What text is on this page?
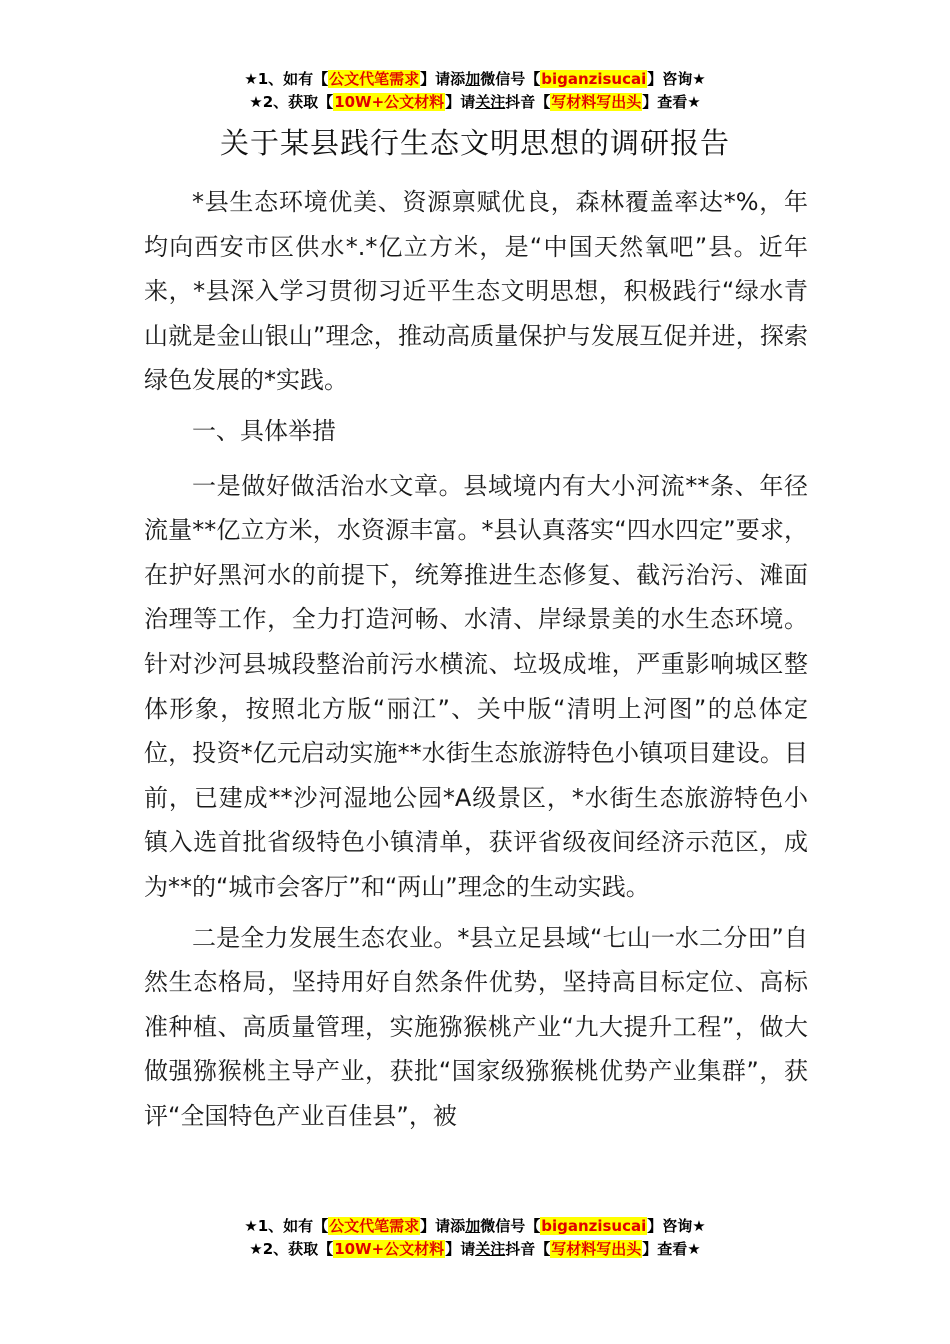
★1、如有【公文代笔需求】请添加微信号【biganzisucai】咨询★
★2、获取【10W+公文材料】请关注抖音【写材料写出头】查看★
关于某县践行生态文明思想的调研报告

*县生态环境优美、资源禀赋优良，森林覆盖率达*%，年均向西安市区供水*.*亿立方米，是“中国天然氧吧”县。近年来，*县深入学习贯彻习近平生态文明思想，积极践行“绿水青山就是金山银山”理念，推动高质量保护与发展互促并进，探索绿色发展的*实践。

一、具体举措

一是做好做活治水文章。县域境内有大小河流**条、年径流量**亿立方米，水资源丰富。*县认真落实“四水四定”要求，在护好黑河水的前提下，统筹推进生态修复、截污治污、滩面治理等工作，全力打造河畅、水清、岸绿景美的水生态环境。针对沙河县城段整治前污水横流、垃圾成堆，严重影响城区整体形象，按照北方版“丽江”、关中版“清明上河图”的总体定位，投资*亿元启动实施**水街生态旅游特色小镇项目建设。目前，已建成**沙河湿地公园*A级景区，*水街生态旅游特色小镇入选首批省级特色小镇清单，获评省级夜间经济示范区，成为**的“城市会客厅”和“两山”理念的生动实践。

二是全力发展生态农业。*县立足县域“七山一水二分田”自然生态格局，坚持用好自然条件优势，坚持高目标定位、高标准种植、高质量管理，实施猕猴桃产业“九大提升工程”，做大做强猕猴桃主导产业，获批“国家级猕猴桃优势产业集群”，获评“全国特色产业百佳县”，被

★1、如有【公文代笔需求】请添加微信号【biganzisucai】咨询★
★2、获取【10W+公文材料】请关注抖音【写材料写出头】查看★
